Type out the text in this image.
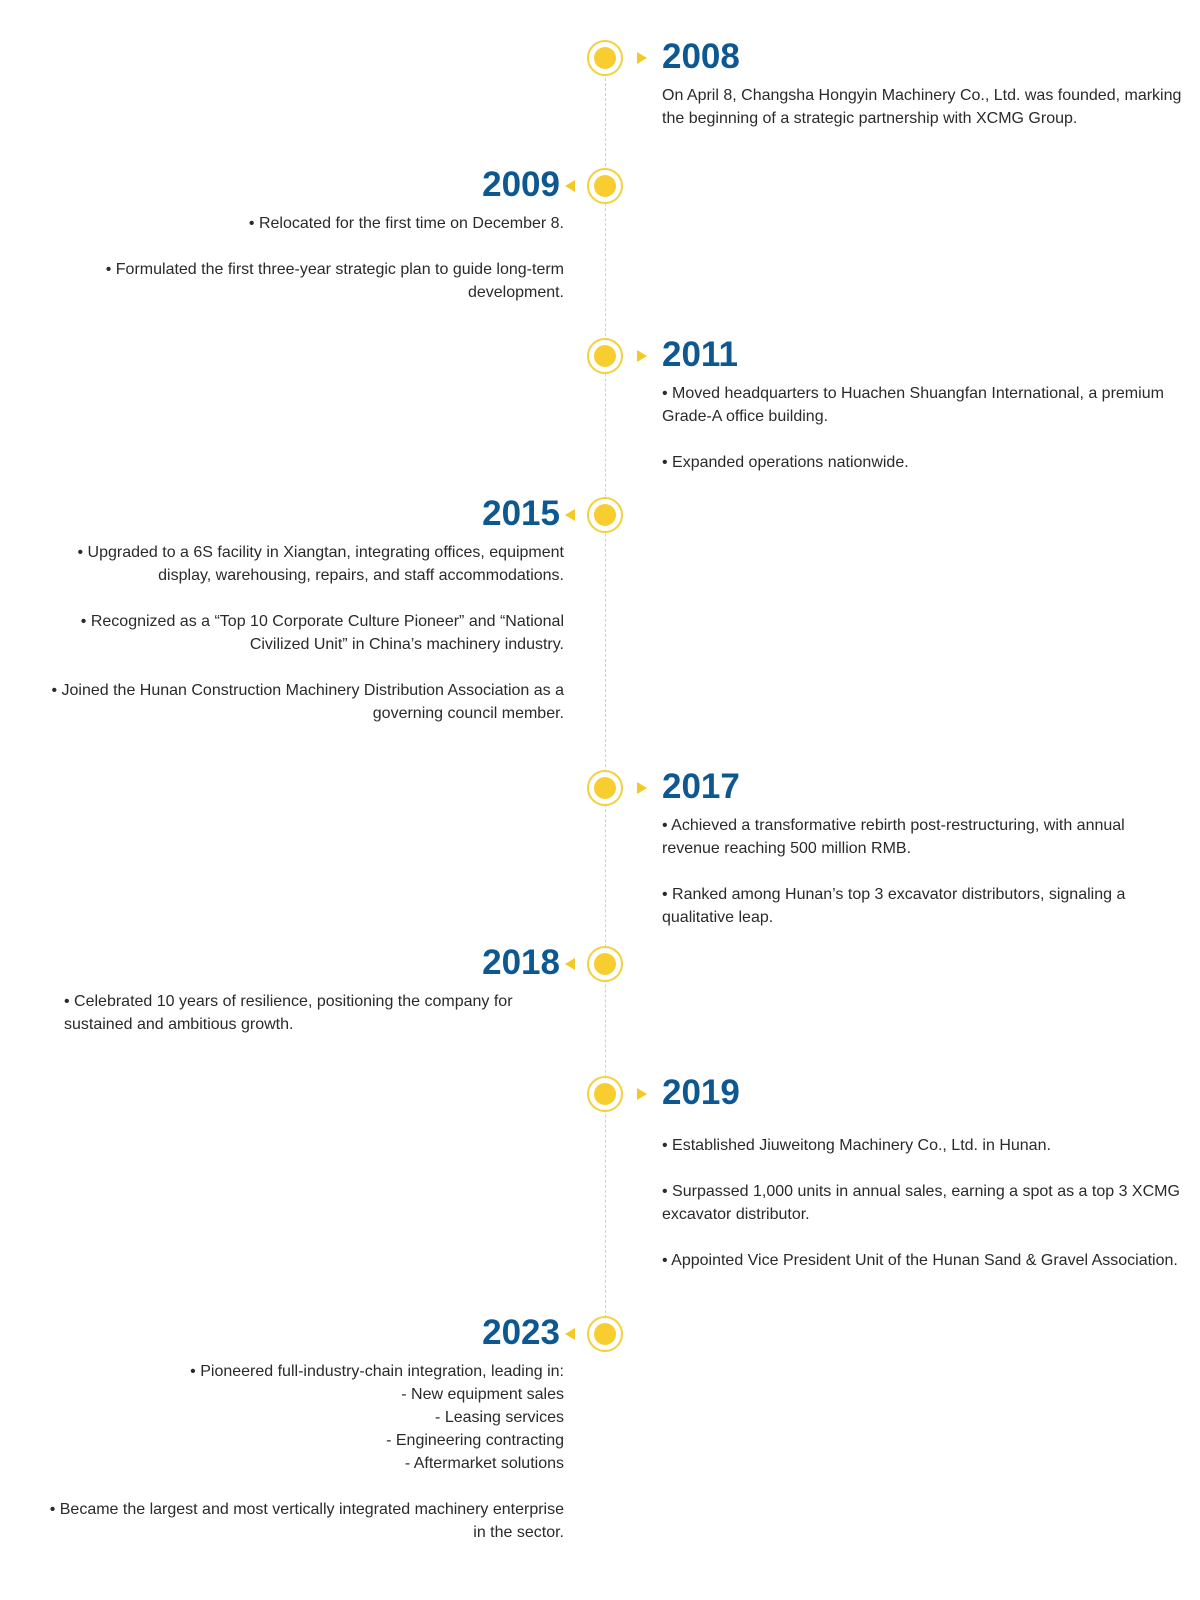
2008

On April 8, Changsha Hongyin Machinery Co., Ltd. was founded, marking the beginning of a strategic partnership with XCMG Group.

2009

• Relocated for the first time on December 8.

• Formulated the first three-year strategic plan to guide long-term development.

2011

• Moved headquarters to Huachen Shuangfan International, a premium Grade-A office building.

• Expanded operations nationwide.

2015

• Upgraded to a 6S facility in Xiangtan, integrating offices, equipment display, warehousing, repairs, and staff accommodations.

• Recognized as a “Top 10 Corporate Culture Pioneer” and “National Civilized Unit” in China’s machinery industry.

• Joined the Hunan Construction Machinery Distribution Association as a governing council member.

2017

• Achieved a transformative rebirth post-restructuring, with annual revenue reaching 500 million RMB.

• Ranked among Hunan’s top 3 excavator distributors, signaling a qualitative leap.

2018

• Celebrated 10 years of resilience, positioning the company for sustained and ambitious growth.

2019

• Established Jiuweitong Machinery Co., Ltd. in Hunan.

• Surpassed 1,000 units in annual sales, earning a spot as a top 3 XCMG excavator distributor.

• Appointed Vice President Unit of the Hunan Sand & Gravel Association.

2023

• Pioneered full-industry-chain integration, leading in:
- New equipment sales
- Leasing services
- Engineering contracting
- Aftermarket solutions

• Became the largest and most vertically integrated machinery enterprise in the sector.
